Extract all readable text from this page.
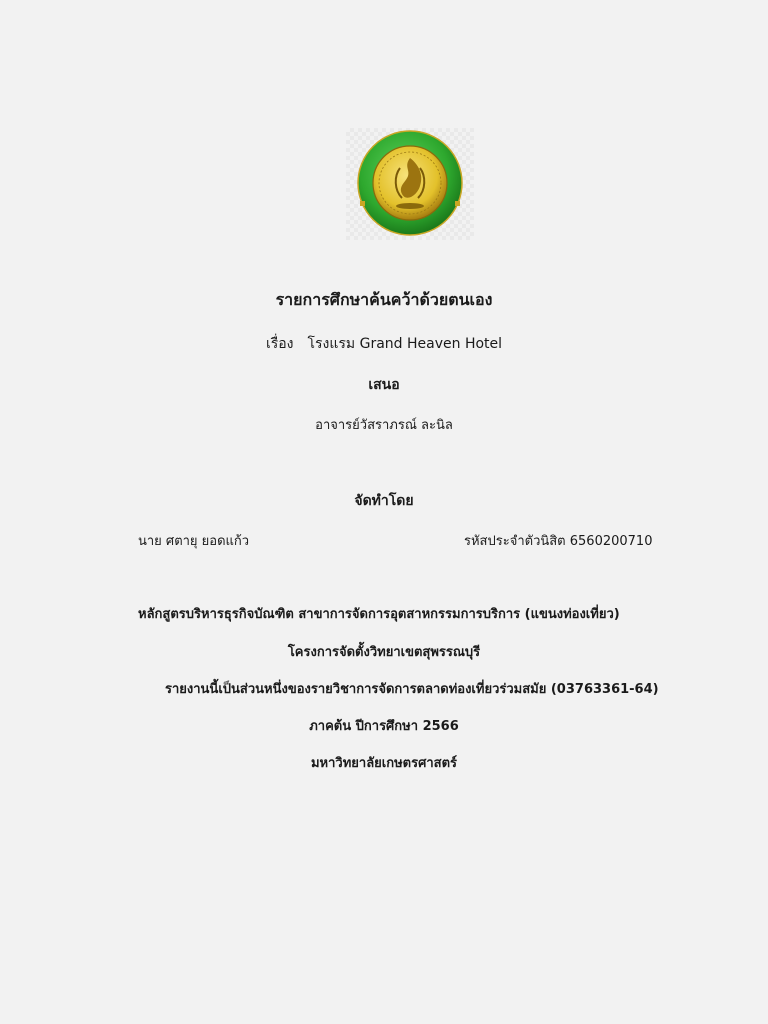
รายการศึกษาค้นคว้าด้วยตนเอง
เรื่อง โรงแรม Grand Heaven Hotel
เสนอ
อาจารย์วัสราภรณ์ ละนิล
จัดทำโดย
นาย ศตายุ ยอดแก้ว	รหัสประจำตัวนิสิต 6560200710
หลักสูตรบริหารธุรกิจบัณฑิต สาขาการจัดการอุตสาหกรรมการบริการ (แขนงท่องเที่ยว)
โครงการจัดตั้งวิทยาเขตสุพรรณบุรี
รายงานนี้เป็นส่วนหนึ่งของรายวิชาการจัดการตลาดท่องเที่ยวร่วมสมัย (03763361-64)
ภาคต้น ปีการศึกษา 2566
มหาวิทยาลัยเกษตรศาสตร์
